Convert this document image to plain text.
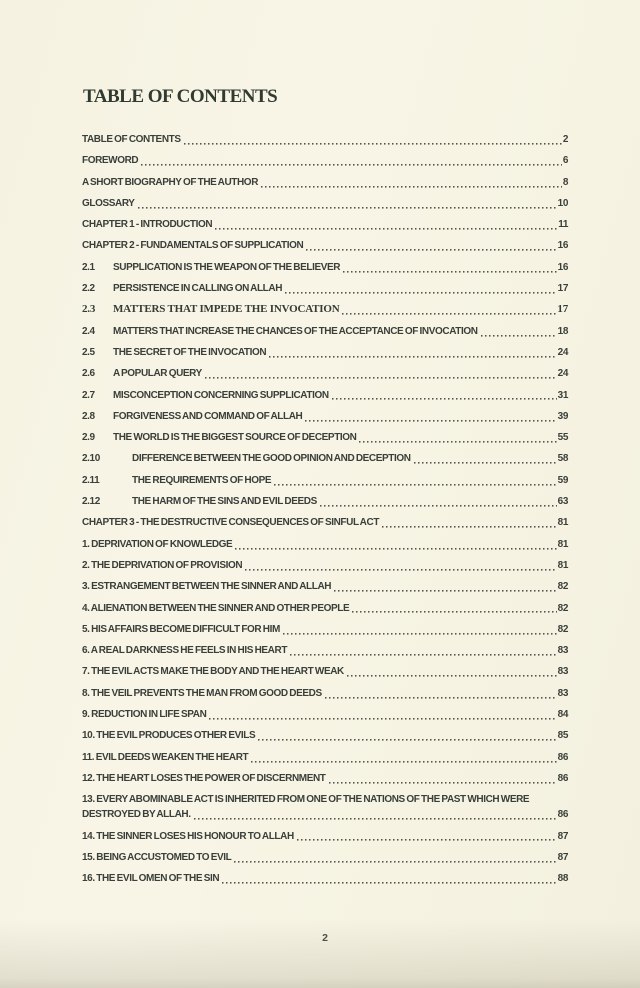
TABLE OF CONTENTS
TABLE OF CONTENTS	2
FOREWORD	6
A SHORT BIOGRAPHY OF THE AUTHOR	8
GLOSSARY	10
CHAPTER 1 - INTRODUCTION	11
CHAPTER 2 - FUNDAMENTALS OF SUPPLICATION	16
2.1	SUPPLICATION IS THE WEAPON OF THE BELIEVER	16
2.2	PERSISTENCE IN CALLING ON ALLAH	17
2.3	MATTERS THAT IMPEDE THE INVOCATION	17
2.4	MATTERS THAT INCREASE THE CHANCES OF THE ACCEPTANCE OF INVOCATION	18
2.5	THE SECRET OF THE INVOCATION	24
2.6	A POPULAR QUERY	24
2.7	MISCONCEPTION CONCERNING SUPPLICATION	31
2.8	FORGIVENESS AND COMMAND OF ALLAH	39
2.9	THE WORLD IS THE BIGGEST SOURCE OF DECEPTION	55
2.10	DIFFERENCE BETWEEN THE GOOD OPINION AND DECEPTION	58
2.11	THE REQUIREMENTS OF HOPE	59
2.12	THE HARM OF THE SINS AND EVIL DEEDS	63
CHAPTER 3 - THE DESTRUCTIVE CONSEQUENCES OF SINFUL ACT	81
1. DEPRIVATION OF KNOWLEDGE	81
2. THE DEPRIVATION OF PROVISION	81
3. ESTRANGEMENT BETWEEN THE SINNER AND ALLAH	82
4. ALIENATION BETWEEN THE SINNER AND OTHER PEOPLE	82
5. HIS AFFAIRS BECOME DIFFICULT FOR HIM	82
6. A REAL DARKNESS HE FEELS IN HIS HEART	83
7. THE EVIL ACTS MAKE THE BODY AND THE HEART WEAK	83
8. THE VEIL PREVENTS THE MAN FROM GOOD DEEDS	83
9. REDUCTION IN LIFE SPAN	84
10. THE EVIL PRODUCES OTHER EVILS	85
11. EVIL DEEDS WEAKEN THE HEART	86
12. THE HEART LOSES THE POWER OF DISCERNMENT	86
13. EVERY ABOMINABLE ACT IS INHERITED FROM ONE OF THE NATIONS OF THE PAST WHICH WERE
DESTROYED BY ALLAH.	86
14. THE SINNER LOSES HIS HONOUR TO ALLAH	87
15. BEING ACCUSTOMED TO EVIL	87
16. THE EVIL OMEN OF THE SIN	88
2
